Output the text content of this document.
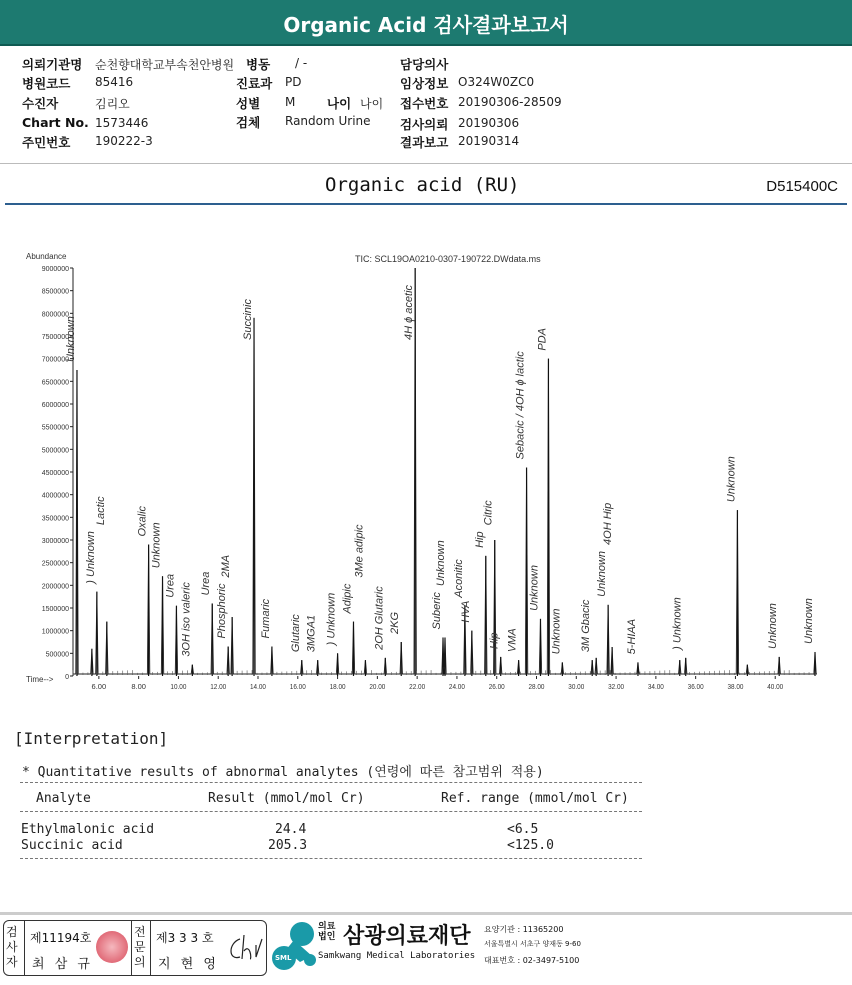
Organic Acid 검사결과보고서
의뢰기관명 순천향대학교부속천안병원 병동 / -	담당의사
병원코드 85416	진료과 PD	임상정보 O324W0ZC0
수진자	김리오	성별 M	나이 나이 접수번호 20190306-28509
Chart No. 1573446	검체 Random Urine 검사의뢰 20190306
주민번호 190222-3	결과보고 20190314
Organic acid (RU)	D515400C
Abundance	TIC: SCL19OA0210-0307-190722.DWdata.ms
Time--> 0
500000
1000000
1500000
2000000
2500000
3000000
3500000
4000000
4500000
5000000
5500000
6000000
6500000
7000000
7500000
8000000
8500000
9000000
6.00	8.00	10.00	12.00	14.00	16.00	18.00	20.00	22.00	24.00	26.00	28.00	30.00	32.00	34.00	36.00	38.00	40.00
Unknown
) Unknown
Lactic	Oxalic
Unknown
Urea 3OH iso valeric Urea Phosphoric
2MA
Succinic
Fumaric Glutaric 3MGA1 ) Unknown Adipic
3Me adipic
2OH Glutaric 2KG
4H ϕ acetic
Suberic
Unknown Aconitic
HVA
Hip
Citric
Hip VMA
Sebacic / 4OH ϕ lactic
Unknown
PDA
Unknown 3M Gbacic
Unknown
4OH Hip
5-HIAA	) Unknown
Unknown
Unknown Unknown
[Interpretation]
* Quantitative results of abnormal analytes (연령에 따른 참고범위 적용)
Analyte	Result (mmol/mol Cr)	Ref. range (mmol/mol Cr)
Ethylmalonic acid	24.4	<6.5
Succinic acid	205.3	<125.0
검사자
제11194호
최 삼 규
전문의
제3 3 3 호
지 현 영	SML
의료법인 삼광의료재단
Samkwang Medical Laboratories
요양기관 : 11365200
서울특별시 서초구 양재동 9-60
대표번호 : 02-3497-5100
